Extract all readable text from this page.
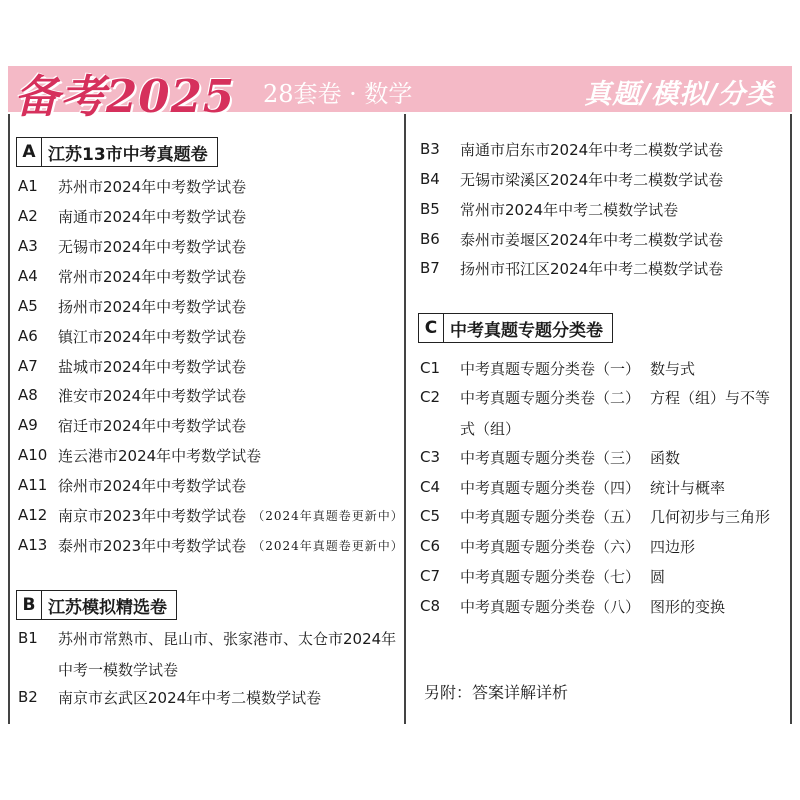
备考2025 28套卷 · 数学	真题/模拟/分类
A 江苏13市中考真题卷
A1	苏州市2024年中考数学试卷
A2	南通市2024年中考数学试卷
A3	无锡市2024年中考数学试卷
A4	常州市2024年中考数学试卷
A5	扬州市2024年中考数学试卷
A6	镇江市2024年中考数学试卷
A7	盐城市2024年中考数学试卷
A8	淮安市2024年中考数学试卷
A9	宿迁市2024年中考数学试卷
A10 连云港市2024年中考数学试卷
A11 徐州市2024年中考数学试卷
A12 南京市2023年中考数学试卷 （2024年真题卷更新中）
A13 泰州市2023年中考数学试卷 （2024年真题卷更新中）
B 江苏模拟精选卷
B1	苏州市常熟市、昆山市、张家港市、太仓市2024年
中考一模数学试卷
B2	南京市玄武区2024年中考二模数学试卷
B3	南通市启东市2024年中考二模数学试卷
B4	无锡市梁溪区2024年中考二模数学试卷
B5	常州市2024年中考二模数学试卷
B6	泰州市姜堰区2024年中考二模数学试卷
B7	扬州市邗江区2024年中考二模数学试卷
C 中考真题专题分类卷
C1	中考真题专题分类卷（一） 数与式
C2	中考真题专题分类卷（二） 方程（组）与不等
式（组）
C3	中考真题专题分类卷（三） 函数
C4	中考真题专题分类卷（四） 统计与概率
C5	中考真题专题分类卷（五） 几何初步与三角形
C6	中考真题专题分类卷（六） 四边形
C7	中考真题专题分类卷（七） 圆
C8	中考真题专题分类卷（八） 图形的变换
另附：答案详解详析
